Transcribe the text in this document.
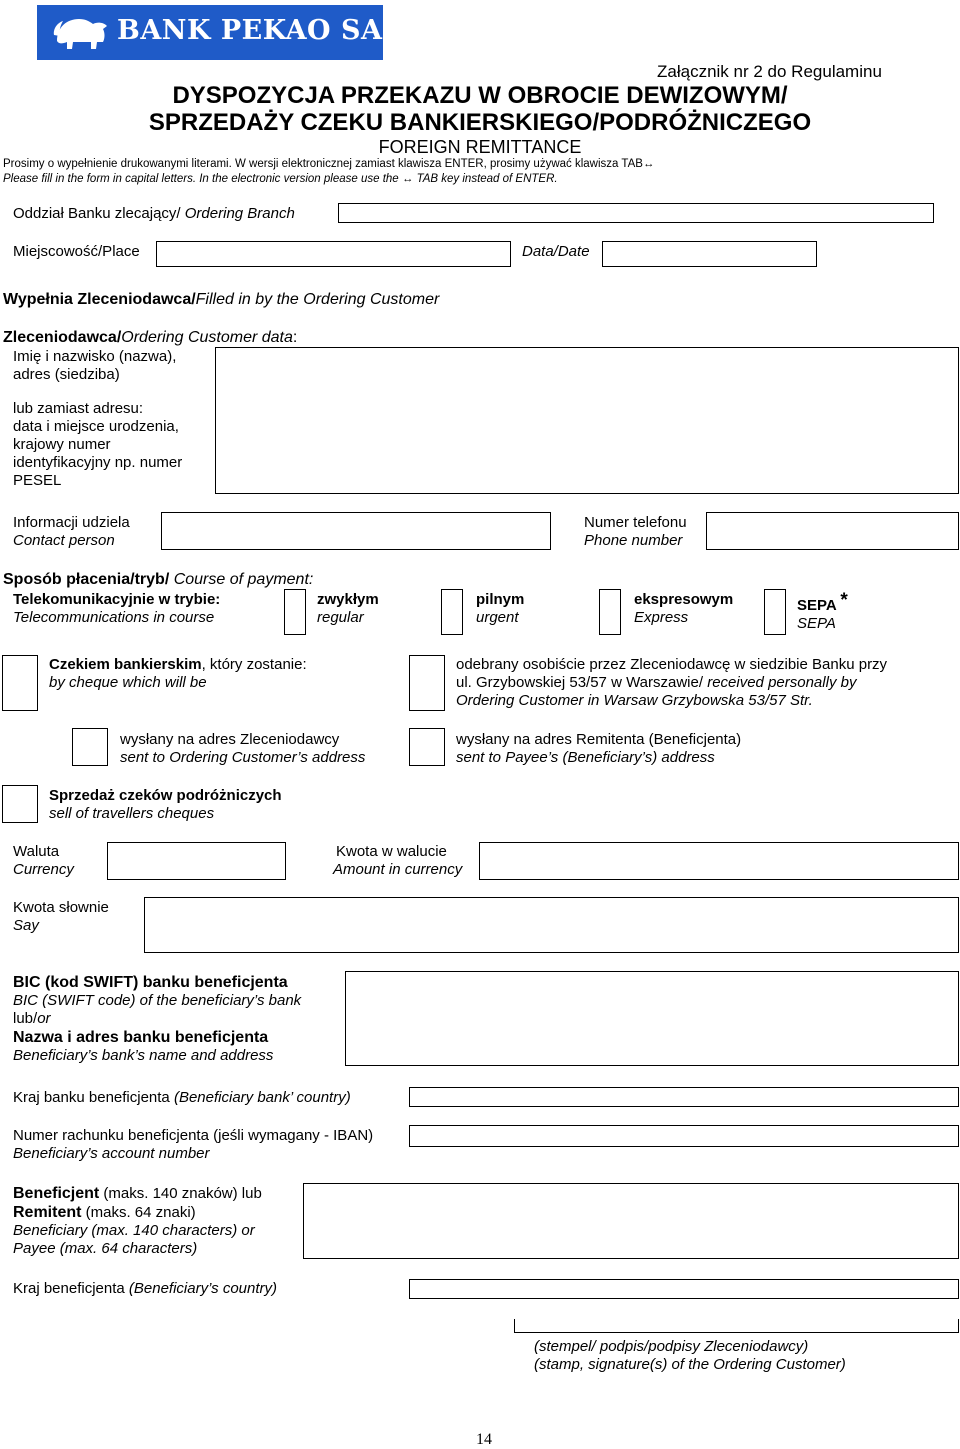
BANK PEKAO SA
Załącznik nr 2 do Regulaminu
DYSPOZYCJA PRZEKAZU W OBROCIE DEWIZOWYM/
SPRZEDAŻY CZEKU BANKIERSKIEGO/PODRÓŻNICZEGO
FOREIGN REMITTANCE
Prosimy o wypełnienie drukowanymi literami. W wersji elektronicznej zamiast klawisza ENTER, prosimy używać klawisza TAB↔
Please fill in the form in capital letters. In the electronic version please use the ↔ TAB key instead of ENTER.
Oddział Banku zlecający/ Ordering Branch
Miejscowość/Place	Data/Date
Wypełnia Zleceniodawca/Filled in by the Ordering Customer
Zleceniodawca/Ordering Customer data:
Imię i nazwisko (nazwa),
adres (siedziba)
lub zamiast adresu:
data i miejsce urodzenia,
krajowy numer
identyfikacyjny np. numer
PESEL
Informacji udziela
Contact person
Numer telefonu
Phone number
Sposób płacenia/tryb/ Course of payment:
Telekomunikacyjnie w trybie:
Telecommunications in course
zwykłym
regular
pilnym
urgent
ekspresowym
Express
SEPA *
SEPA
Czekiem bankierskim, który zostanie:
by cheque which will be
odebrany osobiście przez Zleceniodawcę w siedzibie Banku przy
ul. Grzybowskiej 53/57 w Warszawie/ received personally by
Ordering Customer in Warsaw Grzybowska 53/57 Str.
wysłany na adres Zleceniodawcy
sent to Ordering Customer’s address
wysłany na adres Remitenta (Beneficjenta)
sent to Payee’s (Beneficiary’s) address
Sprzedaż czeków podróżniczych
sell of travellers cheques
Waluta
Currency
Kwota w walucie
Amount in currency
Kwota słownie
Say
BIC (kod SWIFT) banku beneficjenta
BIC (SWIFT code) of the beneficiary’s bank
lub/or
Nazwa i adres banku beneficjenta
Beneficiary’s bank’s name and address
Kraj banku beneficjenta (Beneficiary bank’ country)
Numer rachunku beneficjenta (jeśli wymagany - IBAN)
Beneficiary’s account number
Beneficjent (maks. 140 znaków) lub
Remitent (maks. 64 znaki)
Beneficiary (max. 140 characters) or
Payee (max. 64 characters)
Kraj beneficjenta (Beneficiary’s country)
(stempel/ podpis/podpisy Zleceniodawcy)
(stamp, signature(s) of the Ordering Customer)
14
